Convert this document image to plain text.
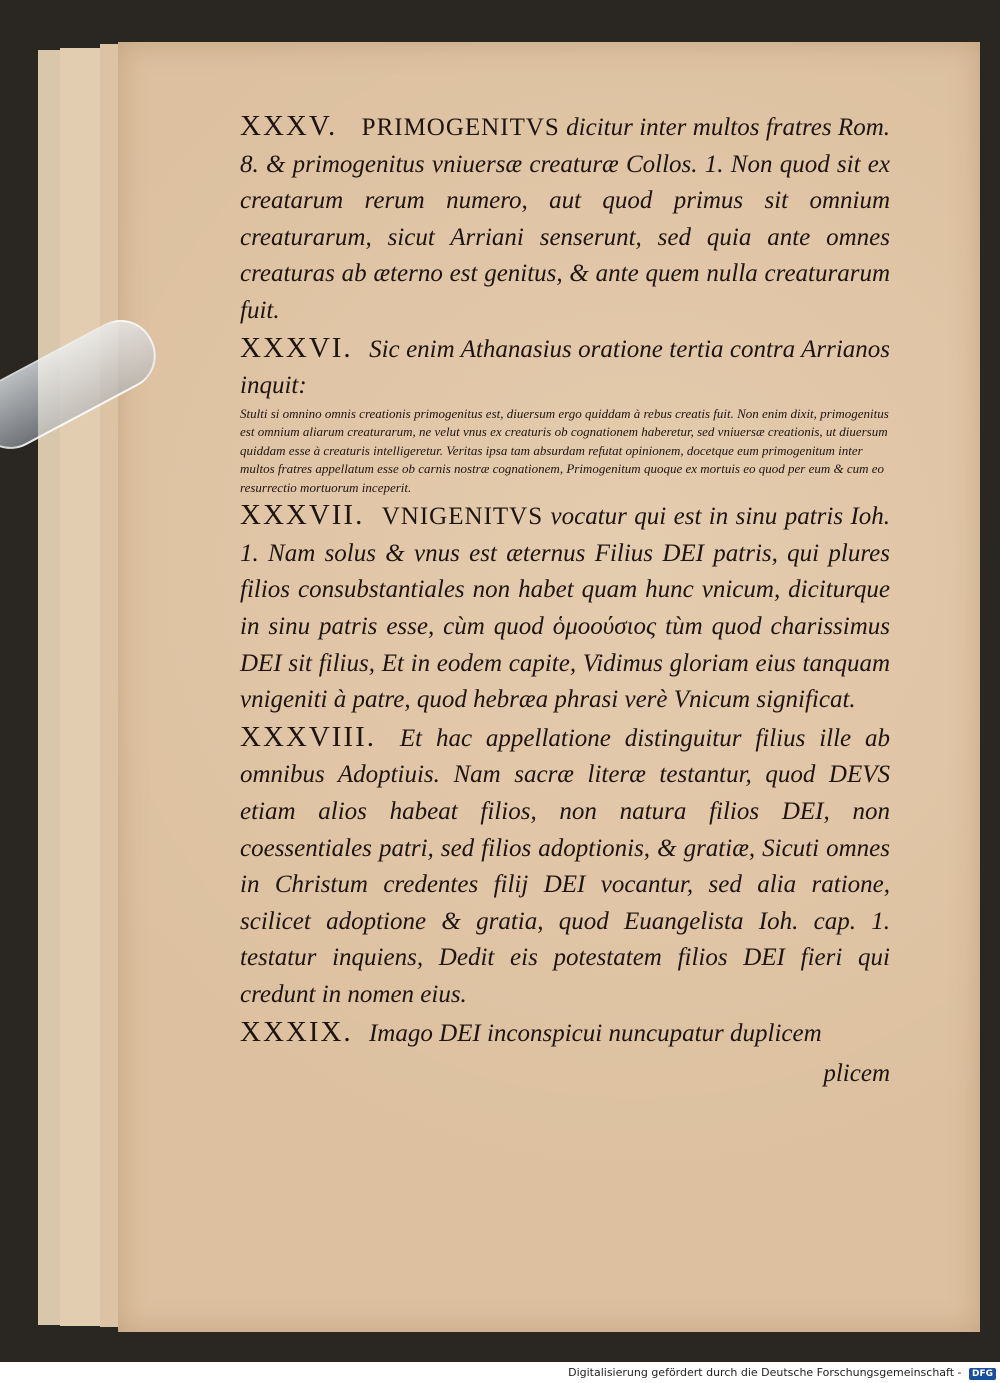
XXXV. PRIMOGENITVS dicitur inter multos fratres Rom. 8. & primogenitus vniuersæ creaturæ Collos. 1. Non quod sit ex creatarum rerum numero, aut quod primus sit omnium creaturarum, sicut Arriani senserunt, sed quia ante omnes creaturas ab æterno est genitus, & ante quem nulla creaturarum fuit.

XXXVI. Sic enim Athanasius oratione tertia contra Arrianos inquit:

Stulti si omnino omnis creationis primogenitus est, diuersum ergo quiddam à rebus creatis fuit. Non enim dixit, primogenitus est omnium aliarum creaturarum, ne velut vnus ex creaturis ob cognationem haberetur, sed vniuersæ creationis, ut diuersum quiddam esse à creaturis intelligeretur. Veritas ipsa tam absurdam refutat opinionem, docetque eum primogenitum inter multos fratres appellatum esse ob carnis nostræ cognationem, Primogenitum quoque ex mortuis eo quod per eum & cum eo resurrectio mortuorum inceperit.

XXXVII. VNIGENITVS vocatur qui est in sinu patris Ioh. 1. Nam solus & vnus est æternus Filius DEI patris, qui plures filios consubstantiales non habet quam hunc vnicum, diciturque in sinu patris esse, cùm quod ὁμοούσιος tùm quod charissimus DEI sit filius, Et in eodem capite, Vidimus gloriam eius tanquam vnigeniti à patre, quod hebræa phrasi verè Vnicum significat.

XXXVIII. Et hac appellatione distinguitur filius ille ab omnibus Adoptiuis. Nam sacræ literæ testantur, quod DEVS etiam alios habeat filios, non natura filios DEI, non coessentiales patri, sed filios adoptionis, & gratiæ, Sicuti omnes in Christum credentes filij DEI vocantur, sed alia ratione, scilicet adoptione & gratia, quod Euangelista Ioh. cap. 1. testatur inquiens, Dedit eis potestatem filios DEI fieri qui credunt in nomen eius.

XXXIX. Imago DEI inconspicui nuncupatur duplicem

plicem
Digitalisierung gefördert durch die Deutsche Forschungsgemeinschaft - DFG
